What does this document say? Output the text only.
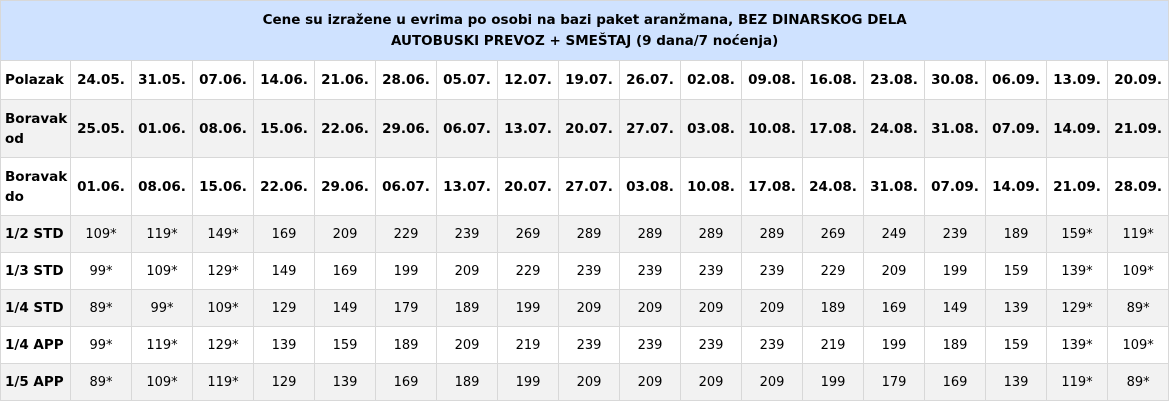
Cene su izražene u evrima po osobi na bazi paket aranžmana, BEZ DINARSKOG DELA
AUTOBUSKI PREVOZ + SMEŠTAJ (9 dana/7 noćenja)																		

Polazak	24.05.	31.05.	07.06.	14.06.	21.06.	28.06.	05.07.	12.07.	19.07.	26.07.	02.08.	09.08.	16.08.	23.08.	30.08.	06.09.	13.09.	20.09.
Boravak od	25.05.	01.06.	08.06.	15.06.	22.06.	29.06.	06.07.	13.07.	20.07.	27.07.	03.08.	10.08.	17.08.	24.08.	31.08.	07.09.	14.09.	21.09.
Boravak do	01.06.	08.06.	15.06.	22.06.	29.06.	06.07.	13.07.	20.07.	27.07.	03.08.	10.08.	17.08.	24.08.	31.08.	07.09.	14.09.	21.09.	28.09.
1/2 STD	109*	119*	149*	169	209	229	239	269	289	289	289	289	269	249	239	189	159*	119*
1/3 STD	99*	109*	129*	149	169	199	209	229	239	239	239	239	229	209	199	159	139*	109*
1/4 STD	89*	99*	109*	129	149	179	189	199	209	209	209	209	189	169	149	139	129*	89*
1/4 APP	99*	119*	129*	139	159	189	209	219	239	239	239	239	219	199	189	159	139*	109*
1/5 APP	89*	109*	119*	129	139	169	189	199	209	209	209	209	199	179	169	139	119*	89*
